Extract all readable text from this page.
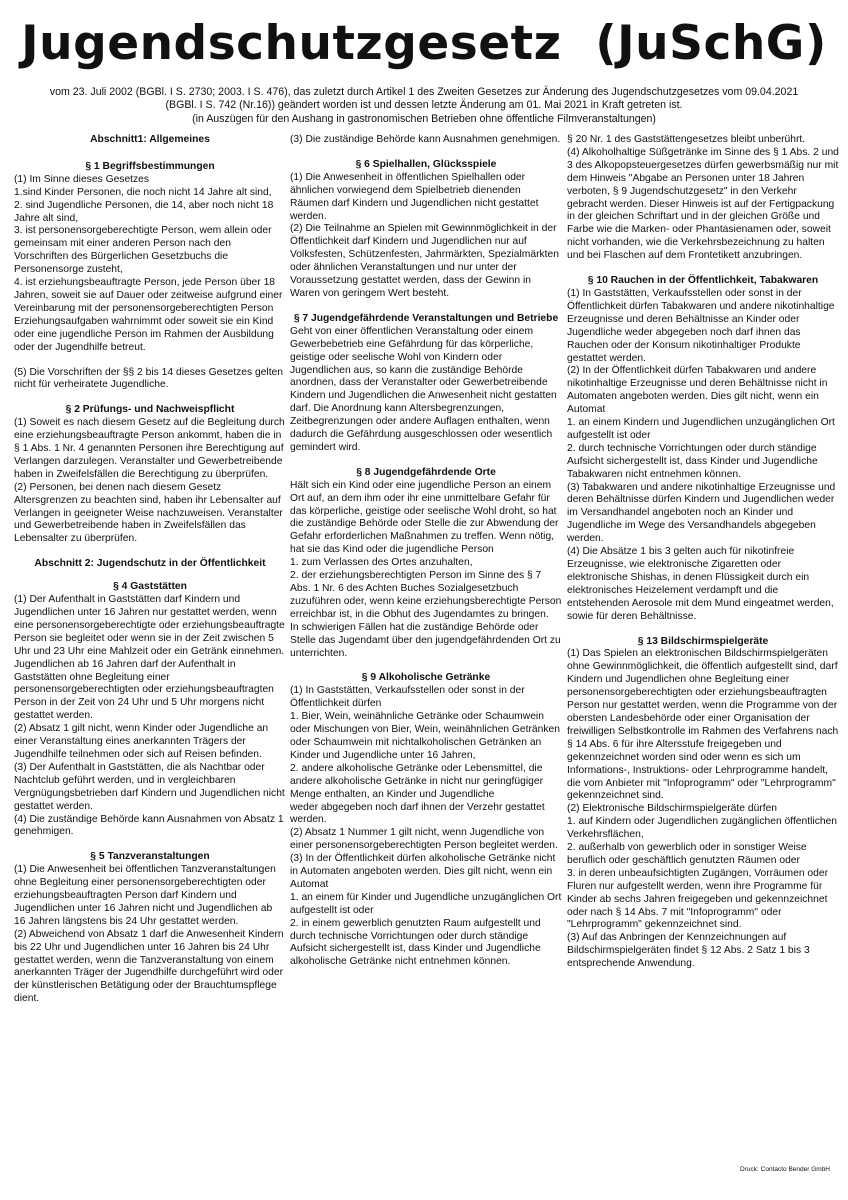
Jugendschutzgesetz  (JuSchG)
vom 23. Juli 2002 (BGBl. I S. 2730; 2003. I S. 476), das zuletzt durch Artikel 1 des Zweiten Gesetzes zur Änderung des Jugendschutzgesetzes vom 09.04.2021
(BGBl. I S. 742 (Nr.16)) geändert worden ist und dessen letzte Änderung am 01. Mai 2021 in Kraft getreten ist.
(in Auszügen für den Aushang in gastronomischen Betrieben ohne öffentliche Filmveranstaltungen)
Abschnitt1: Allgemeines
§ 1 Begriffsbestimmungen

(1) Im Sinne dieses Gesetzes

1.sind Kinder Personen, die noch nicht 14 Jahre alt sind,

2. sind Jugendliche Personen, die 14, aber noch nicht 18 Jahre alt sind,

3. ist personensorgeberechtigte Person, wem allein oder gemeinsam mit einer anderen Person nach den Vorschriften des Bürgerlichen Gesetzbuchs die Personensorge zusteht,

4. ist erziehungsbeauftragte Person, jede Person über 18 Jahren, soweit sie auf Dauer oder zeitweise aufgrund einer Vereinbarung mit der personensorgeberechtigten Person Erziehungsaufgaben wahrnimmt oder soweit sie ein Kind oder eine jugendliche Person im Rahmen der Ausbildung oder der Jugendhilfe betreut.

(5) Die Vorschriften der §§ 2 bis 14 dieses Gesetzes gelten nicht für verheiratete Jugendliche.

§ 2 Prüfungs- und Nachweispflicht

(1) Soweit es nach diesem Gesetz auf die Begleitung durch eine erziehungsbeauftragte Person ankommt, haben die in § 1 Abs. 1 Nr. 4 genannten Personen ihre Berechtigung auf Verlangen darzulegen. Veranstalter und Gewerbetreibende haben in Zweifelsfällen die Berechtigung zu überprüfen.

(2) Personen, bei denen nach diesem Gesetz Altersgrenzen zu beachten sind, haben ihr Lebensalter auf Verlangen in geeigneter Weise nachzuweisen. Veranstalter und Gewerbetreibende haben in Zweifelsfällen das Lebensalter zu überprüfen.

Abschnitt 2: Jugendschutz in der Öffentlichkeit
§ 4 Gaststätten

(1) Der Aufenthalt in Gaststätten darf Kindern und Jugendlichen unter 16 Jahren nur gestattet werden, wenn eine personensorgeberechtigte oder erziehungsbeauftragte Person sie begleitet oder wenn sie in der Zeit zwischen 5 Uhr und 23 Uhr eine Mahlzeit oder ein Getränk einnehmen. Jugendlichen ab 16 Jahren darf der Aufenthalt in Gaststätten ohne Begleitung einer personensorgeberechtigten oder erziehungsbeauftragten Person in der Zeit von 24 Uhr und 5 Uhr morgens nicht gestattet werden.

(2) Absatz 1 gilt nicht, wenn Kinder oder Jugendliche an einer Veranstaltung eines anerkannten Trägers der Jugendhilfe teilnehmen oder sich auf Reisen befinden.

(3) Der Aufenthalt in Gaststätten, die als Nachtbar oder Nachtclub geführt werden, und in vergleichbaren Vergnügungsbetrieben darf Kindern und Jugendlichen nicht gestattet werden.

(4) Die zuständige Behörde kann Ausnahmen von Absatz 1 genehmigen.

§ 5 Tanzveranstaltungen

(1) Die Anwesenheit bei öffentlichen Tanzveranstaltungen ohne Begleitung einer personensorgeberechtigten oder erziehungsbeauftragten Person darf Kindern und Jugendlichen unter 16 Jahren nicht und Jugendlichen ab 16 Jahren längstens bis 24 Uhr gestattet werden.

(2) Abweichend von Absatz 1 darf die Anwesenheit Kindern bis 22 Uhr und Jugendlichen unter 16 Jahren bis 24 Uhr gestattet werden, wenn die Tanzveranstaltung von einem anerkannten Träger der Jugendhilfe durchgeführt wird oder der künstlerischen Betätigung oder der Brauchtumspflege dient.

(3) Die zuständige Behörde kann Ausnahmen genehmigen.

§ 6 Spielhallen, Glücksspiele

(1) Die Anwesenheit in öffentlichen Spielhallen oder ähnlichen vorwiegend dem Spielbetrieb dienenden Räumen darf Kindern und Jugendlichen nicht gestattet werden.

(2) Die Teilnahme an Spielen mit Gewinnmöglichkeit in der Öffentlichkeit darf Kindern und Jugendlichen nur auf Volksfesten, Schützenfesten, Jahrmärkten, Spezialmärkten oder ähnlichen Veranstaltungen und nur unter der Voraussetzung gestattet werden, dass der Gewinn in Waren von geringem Wert besteht.

§ 7 Jugendgefährdende Veranstaltungen und Betriebe

Geht von einer öffentlichen Veranstaltung oder einem Gewerbebetrieb eine Gefährdung für das körperliche, geistige oder seelische Wohl von Kindern oder Jugendlichen aus, so kann die zuständige Behörde anordnen, dass der Veranstalter oder Gewerbetreibende Kindern und Jugendlichen die Anwesenheit nicht gestatten darf. Die Anordnung kann Altersbegrenzungen, Zeitbegrenzungen oder andere Auflagen enthalten, wenn dadurch die Gefährdung ausgeschlossen oder wesentlich gemindert wird.

§ 8 Jugendgefährdende Orte

Hält sich ein Kind oder eine jugendliche Person an einem Ort auf, an dem ihm oder ihr eine unmittelbare Gefahr für das körperliche, geistige oder seelische Wohl droht, so hat die zuständige Behörde oder Stelle die zur Abwendung der Gefahr erforderlichen Maßnahmen zu treffen. Wenn nötig, hat sie das Kind oder die jugendliche Person

1. zum Verlassen des Ortes anzuhalten,

2. der erziehungsberechtigten Person im Sinne des § 7 Abs. 1 Nr. 6 des Achten Buches Sozialgesetzbuch zuzuführen oder, wenn keine erziehungsberechtigte Person erreichbar ist, in die Obhut des Jugendamtes zu bringen.

In schwierigen Fällen hat die zuständige Behörde oder Stelle das Jugendamt über den jugendgefährdenden Ort zu unterrichten.

§ 9 Alkoholische Getränke

(1) In Gaststätten, Verkaufsstellen oder sonst in der Öffentlichkeit dürfen

1. Bier, Wein, weinähnliche Getränke oder Schaumwein oder Mischungen von Bier, Wein, weinähnlichen Getränken oder Schaumwein mit nichtalkoholischen Getränken an Kinder und Jugendliche unter 16 Jahren,

2. andere alkoholische Getränke oder Lebensmittel, die andere alkoholische Getränke in nicht nur geringfügiger Menge enthalten, an Kinder und Jugendliche

weder abgegeben noch darf ihnen der Verzehr gestattet werden.

(2) Absatz 1 Nummer 1 gilt nicht, wenn Jugendliche von einer personensorgeberechtigten Person begleitet werden.

(3) In der Öffentlichkeit dürfen alkoholische Getränke nicht in Automaten angeboten werden. Dies gilt nicht, wenn ein Automat

1. an einem für Kinder und Jugendliche unzugänglichen Ort aufgestellt ist oder

2. in einem gewerblich genutzten Raum aufgestellt und durch technische Vorrichtungen oder durch ständige Aufsicht sichergestellt ist, dass Kinder und Jugendliche alkoholische Getränke nicht entnehmen können.

§ 20 Nr. 1 des Gaststättengesetzes bleibt unberührt.

(4) Alkoholhaltige Süßgetränke im Sinne des § 1 Abs. 2 und 3 des Alkopopsteuergesetzes dürfen gewerbsmäßig nur mit dem Hinweis "Abgabe an Personen unter 18 Jahren verboten, § 9 Jugendschutzgesetz" in den Verkehr gebracht werden. Dieser Hinweis ist auf der Fertigpackung in der gleichen Schriftart und in der gleichen Größe und Farbe wie die Marken- oder Phantasienamen oder, soweit nicht vorhanden, wie die Verkehrsbezeichnung zu halten und bei Flaschen auf dem Frontetikett anzubringen.

§ 10 Rauchen in der Öffentlichkeit, Tabakwaren

(1) In Gaststätten, Verkaufsstellen oder sonst in der Öffentlichkeit dürfen Tabakwaren und andere nikotinhaltige Erzeugnisse und deren Behältnisse an Kinder oder Jugendliche weder abgegeben noch darf ihnen das Rauchen oder der Konsum nikotinhaltiger Produkte gestattet werden.

(2) In der Öffentlichkeit dürfen Tabakwaren und andere nikotinhaltige Erzeugnisse und deren Behältnisse nicht in Automaten angeboten werden. Dies gilt nicht, wenn ein Automat

1. an einem Kindern und Jugendlichen unzugänglichen Ort aufgestellt ist oder

2. durch technische Vorrichtungen oder durch ständige Aufsicht sichergestellt ist, dass Kinder und Jugendliche Tabakwaren nicht entnehmen können.

(3) Tabakwaren und andere nikotinhaltige Erzeugnisse und deren Behältnisse dürfen Kindern und Jugendlichen weder im Versandhandel angeboten noch an Kinder und Jugendliche im Wege des Versandhandels abgegeben werden.

(4) Die Absätze 1 bis 3 gelten auch für nikotinfreie Erzeugnisse, wie elektronische Zigaretten oder elektronische Shishas, in denen Flüssigkeit durch ein elektronisches Heizelement verdampft und die entstehenden Aerosole mit dem Mund eingeatmet werden, sowie für deren Behältnisse.

§ 13 Bildschirmspielgeräte

(1) Das Spielen an elektronischen Bildschirmspielgeräten ohne Gewinnmöglichkeit, die öffentlich aufgestellt sind, darf Kindern und Jugendlichen ohne Begleitung einer personensorgeberechtigten oder erziehungsbeauftragten Person nur gestattet werden, wenn die Programme von der obersten Landesbehörde oder einer Organisation der freiwilligen Selbstkontrolle im Rahmen des Verfahrens nach § 14 Abs. 6 für ihre Altersstufe freigegeben und gekennzeichnet worden sind oder wenn es sich um Informations-, Instruktions- oder Lehrprogramme handelt, die vom Anbieter mit "Infoprogramm" oder "Lehrprogramm" gekennzeichnet sind.

(2) Elektronische Bildschirmspielgeräte dürfen

1. auf Kindern oder Jugendlichen zugänglichen öffentlichen Verkehrsflächen,

2. außerhalb von gewerblich oder in sonstiger Weise beruflich oder geschäftlich genutzten Räumen oder

3. in deren unbeaufsichtigten Zugängen, Vorräumen oder Fluren nur aufgestellt werden, wenn ihre Programme für Kinder ab sechs Jahren freigegeben und gekennzeichnet oder nach § 14 Abs. 7 mit "Infoprogramm" oder "Lehrprogramm" gekennzeichnet sind.

(3) Auf das Anbringen der Kennzeichnungen auf Bildschirmspielgeräten findet § 12 Abs. 2 Satz 1 bis 3 entsprechende Anwendung.

Druck: Contacto Bender GmbH
